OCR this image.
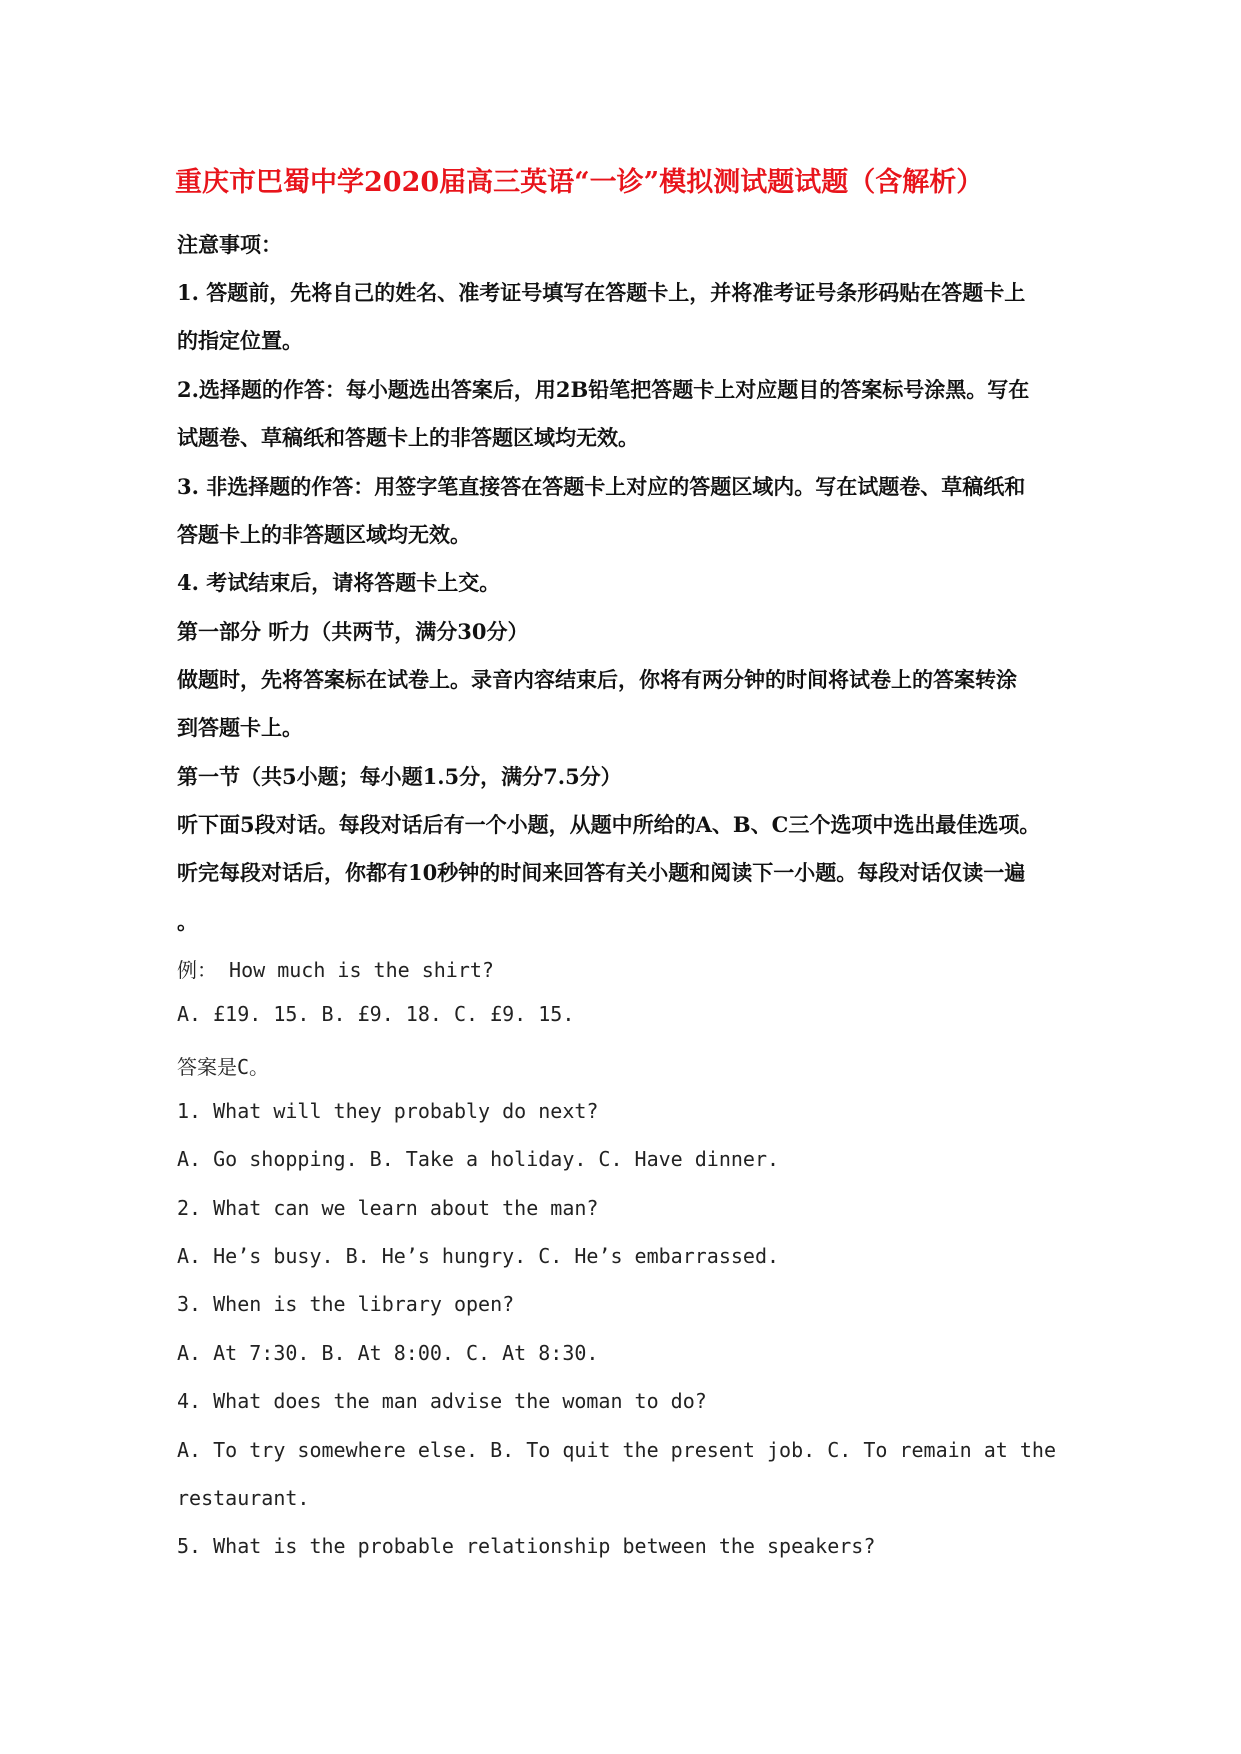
重庆市巴蜀中学2020届高三英语“一诊”模拟测试题试题（含解析）
注意事项：
1. 答题前，先将自己的姓名、准考证号填写在答题卡上，并将准考证号条形码贴在答题卡上
的指定位置。
2.选择题的作答：每小题选出答案后，用2B铅笔把答题卡上对应题目的答案标号涂黑。写在
试题卷、草稿纸和答题卡上的非答题区域均无效。
3. 非选择题的作答：用签字笔直接答在答题卡上对应的答题区域内。写在试题卷、草稿纸和
答题卡上的非答题区域均无效。
4. 考试结束后，请将答题卡上交。
第一部分 听力（共两节，满分30分）
做题时，先将答案标在试卷上。录音内容结束后，你将有两分钟的时间将试卷上的答案转涂
到答题卡上。
第一节（共5小题；每小题1.5分，满分7.5分）
听下面5段对话。每段对话后有一个小题，从题中所给的A、B、C三个选项中选出最佳选项。
听完每段对话后，你都有10秒钟的时间来回答有关小题和阅读下一小题。每段对话仅读一遍
。
例： How much is the shirt?
A. £19. 15. B. £9. 18. C. £9. 15.
答案是C。
1. What will they probably do next?
A. Go shopping. B. Take a holiday. C. Have dinner.
2. What can we learn about the man?
A. He’s busy. B. He’s hungry. C. He’s embarrassed.
3. When is the library open?
A. At 7:30. B. At 8:00. C. At 8:30.
4. What does the man advise the woman to do?
A. To try somewhere else. B. To quit the present job. C. To remain at the
restaurant.
5. What is the probable relationship between the speakers?
